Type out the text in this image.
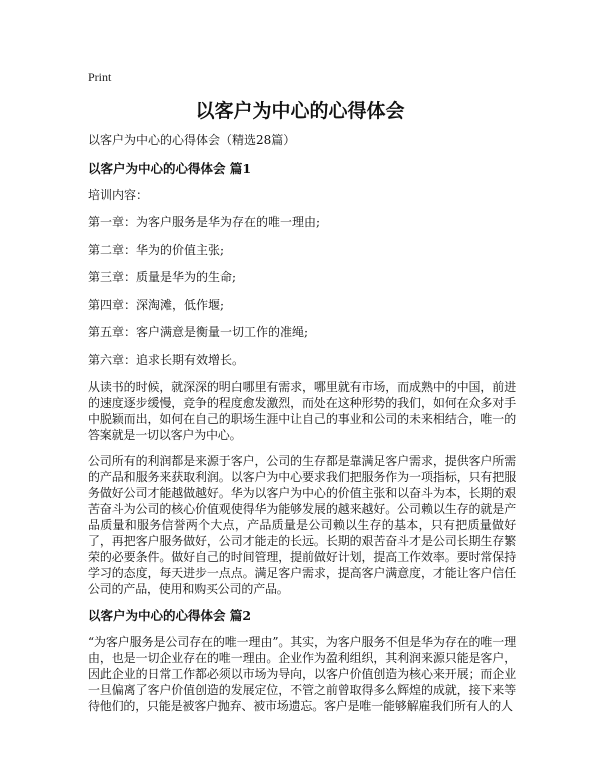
Print
以客户为中心的心得体会

以客户为中心的心得体会（精选28篇）

以客户为中心的心得体会 篇1

培训内容：

第一章：为客户服务是华为存在的唯一理由;

第二章：华为的价值主张;

第三章：质量是华为的生命;

第四章：深淘滩，低作堰;

第五章：客户满意是衡量一切工作的准绳;

第六章：追求长期有效增长。

从读书的时候，就深深的明白哪里有需求，哪里就有市场，而成熟中的中国，前进的速度逐步缓慢，竞争的程度愈发激烈，而处在这种形势的我们，如何在众多对手中脱颖而出，如何在自己的职场生涯中让自己的事业和公司的未来相结合，唯一的答案就是一切以客户为中心。

公司所有的利润都是来源于客户，公司的生存都是靠满足客户需求，提供客户所需的产品和服务来获取利润。以客户为中心要求我们把服务作为一项指标，只有把服务做好公司才能越做越好。华为以客户为中心的价值主张和以奋斗为本，长期的艰苦奋斗为公司的核心价值观使得华为能够发展的越来越好。公司赖以生存的就是产品质量和服务信誉两个大点，产品质量是公司赖以生存的基本，只有把质量做好了，再把客户服务做好，公司才能走的长远。长期的艰苦奋斗才是公司长期生存繁荣的必要条件。做好自己的时间管理，提前做好计划，提高工作效率。要时常保持学习的态度，每天进步一点点。满足客户需求，提高客户满意度，才能让客户信任公司的产品，使用和购买公司的产品。

以客户为中心的心得体会 篇2

“为客户服务是公司存在的唯一理由”。其实，为客户服务不但是华为存在的唯一理由，也是一切企业存在的唯一理由。企业作为盈利组织，其利润来源只能是客户，因此企业的日常工作都必须以市场为导向，以客户价值创造为核心来开展；而企业一旦偏离了客户价值创造的发展定位，不管之前曾取得多么辉煌的成就，接下来等待他们的，只能是被客户抛弃、被市场遗忘。客户是唯一能够解雇我们所有人的人
